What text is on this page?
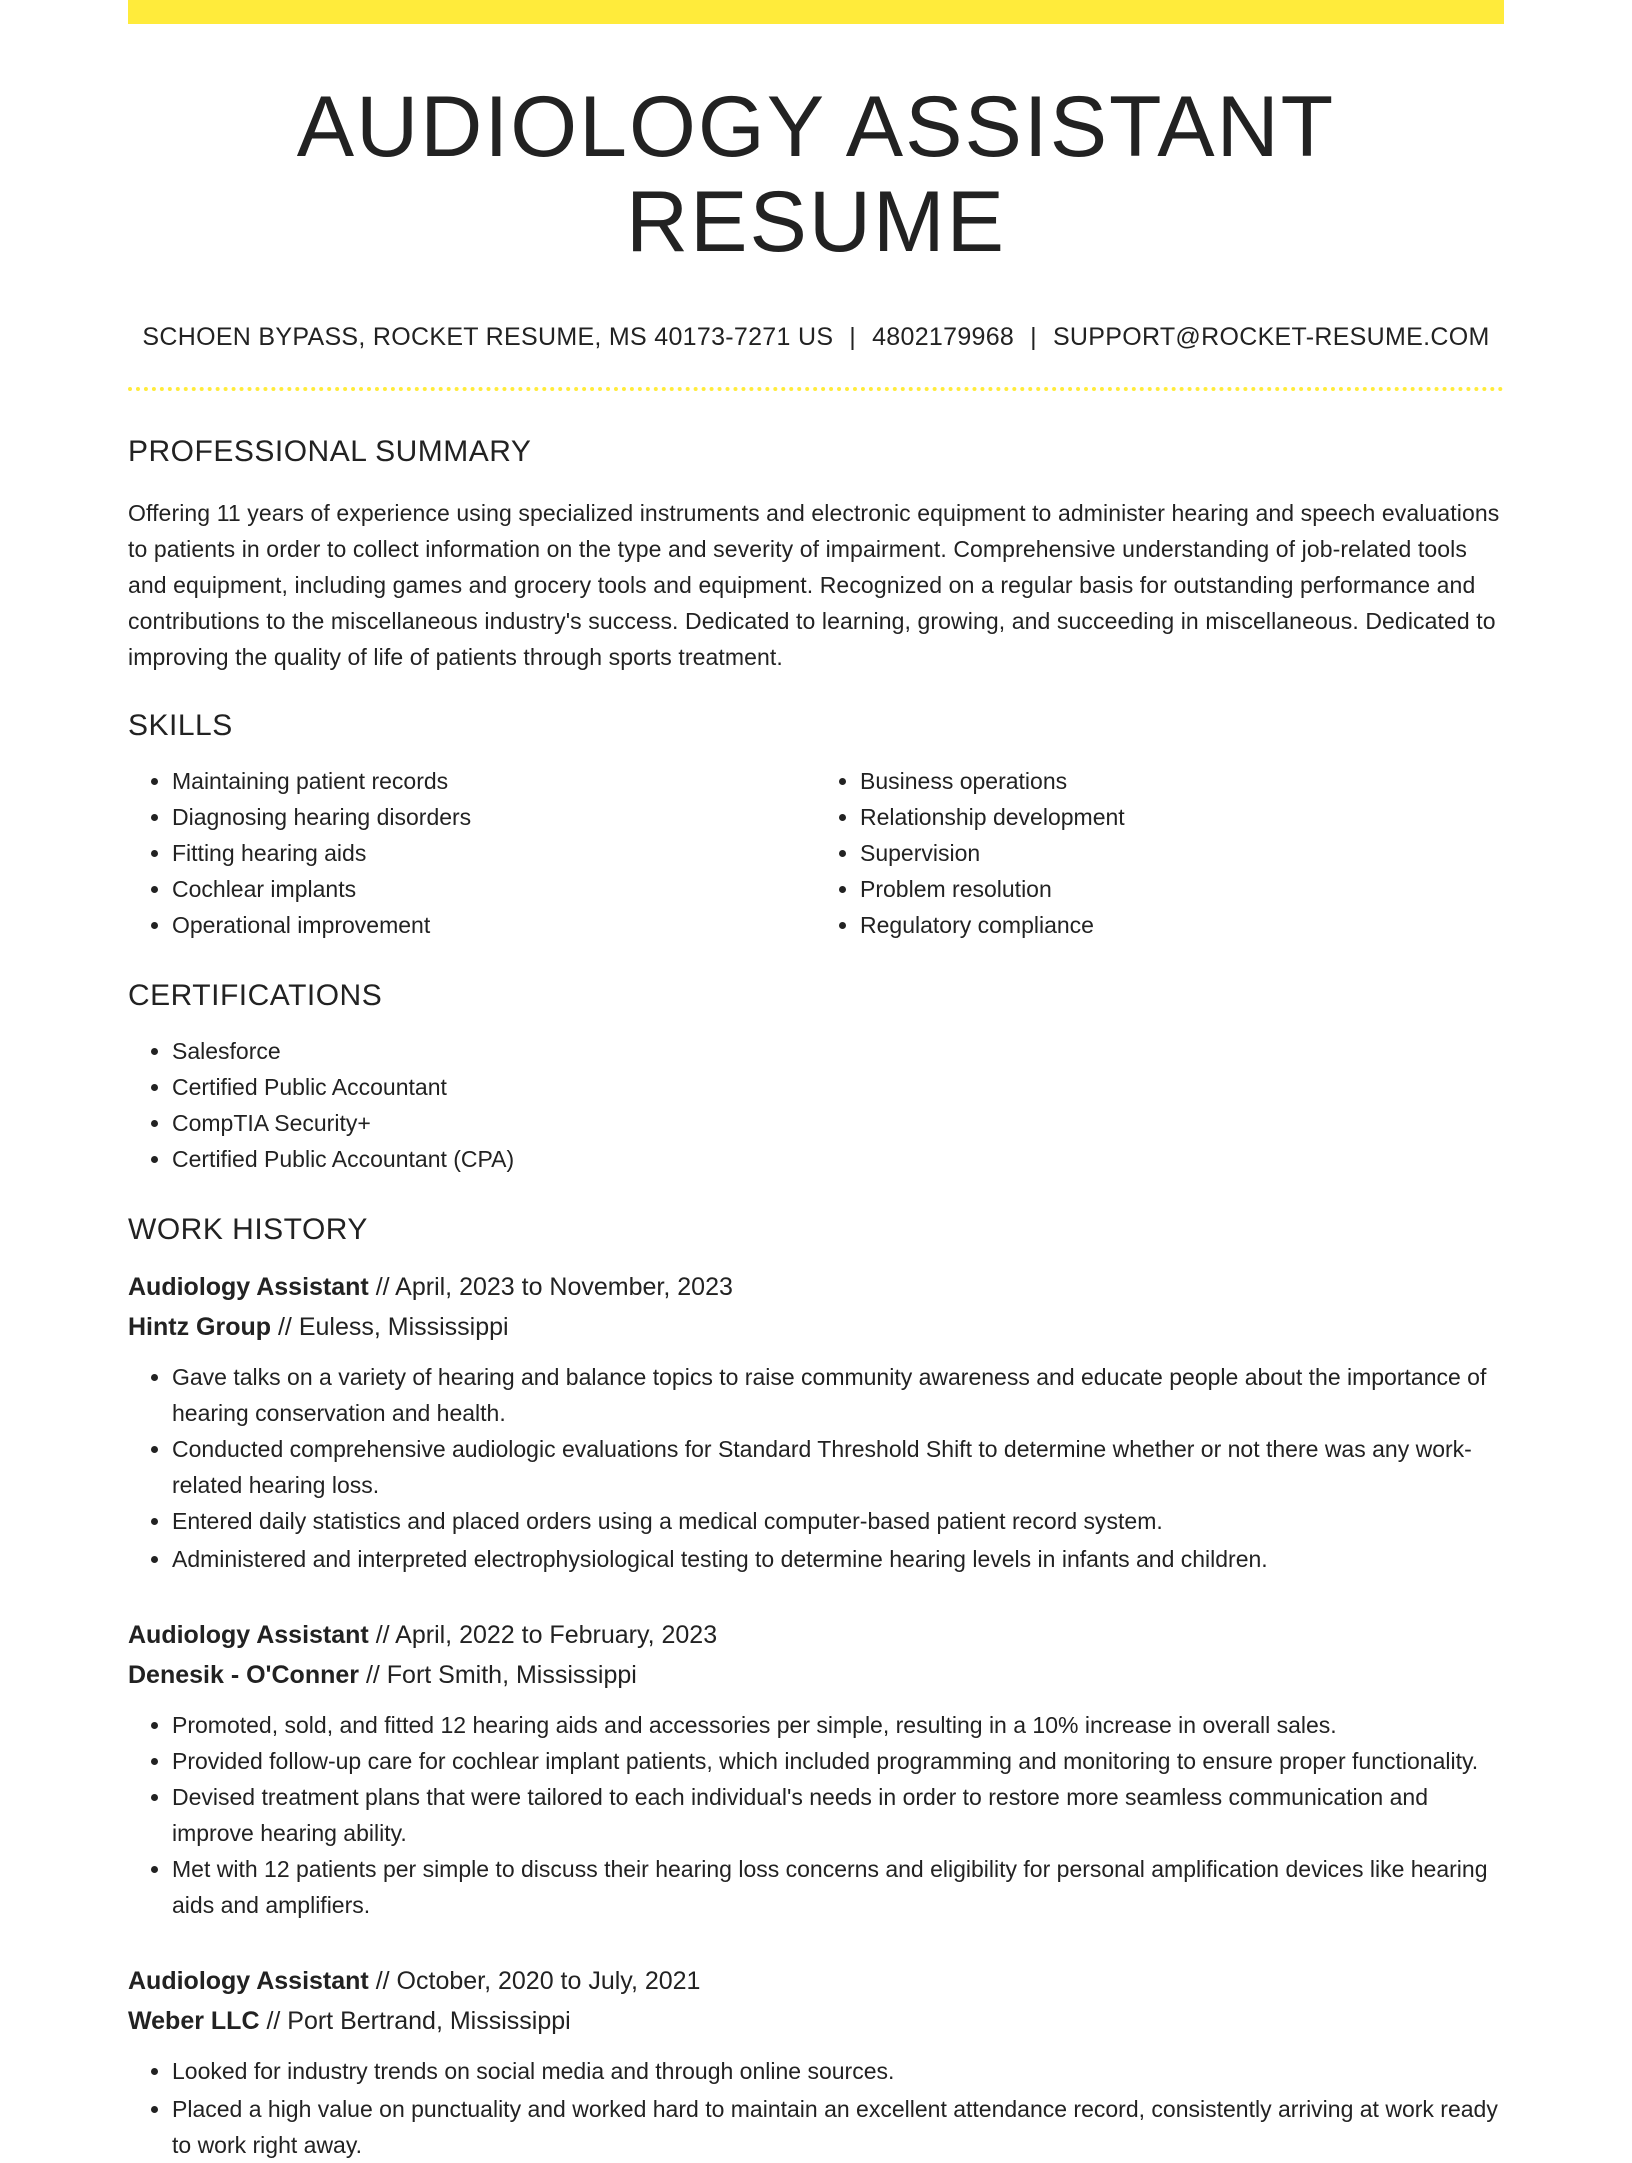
AUDIOLOGY ASSISTANT RESUME
SCHOEN BYPASS, ROCKET RESUME, MS 40173-7271 US | 4802179968 | SUPPORT@ROCKET-RESUME.COM
PROFESSIONAL SUMMARY

Offering 11 years of experience using specialized instruments and electronic equipment to administer hearing and speech evaluations to patients in order to collect information on the type and severity of impairment. Comprehensive understanding of job-related tools and equipment, including games and grocery tools and equipment. Recognized on a regular basis for outstanding performance and contributions to the miscellaneous industry's success. Dedicated to learning, growing, and succeeding in miscellaneous. Dedicated to improving the quality of life of patients through sports treatment.

SKILLS
• Maintaining patient records
• Diagnosing hearing disorders
• Fitting hearing aids
• Cochlear implants
• Operational improvement
• Business operations
• Relationship development
• Supervision
• Problem resolution
• Regulatory compliance
CERTIFICATIONS
• Salesforce
• Certified Public Accountant
• CompTIA Security+
• Certified Public Accountant (CPA)
WORK HISTORY
Audiology Assistant // April, 2023 to November, 2023
Hintz Group // Euless, Mississippi
• Gave talks on a variety of hearing and balance topics to raise community awareness and educate people about the importance of hearing conservation and health.
• Conducted comprehensive audiologic evaluations for Standard Threshold Shift to determine whether or not there was any work-related hearing loss.
• Entered daily statistics and placed orders using a medical computer-based patient record system.
• Administered and interpreted electrophysiological testing to determine hearing levels in infants and children.
Audiology Assistant // April, 2022 to February, 2023
Denesik - O'Conner // Fort Smith, Mississippi
• Promoted, sold, and fitted 12 hearing aids and accessories per simple, resulting in a 10% increase in overall sales.
• Provided follow-up care for cochlear implant patients, which included programming and monitoring to ensure proper functionality.
• Devised treatment plans that were tailored to each individual's needs in order to restore more seamless communication and improve hearing ability.
• Met with 12 patients per simple to discuss their hearing loss concerns and eligibility for personal amplification devices like hearing aids and amplifiers.
Audiology Assistant // October, 2020 to July, 2021
Weber LLC // Port Bertrand, Mississippi
• Looked for industry trends on social media and through online sources.
• Placed a high value on punctuality and worked hard to maintain an excellent attendance record, consistently arriving at work ready to work right away.
